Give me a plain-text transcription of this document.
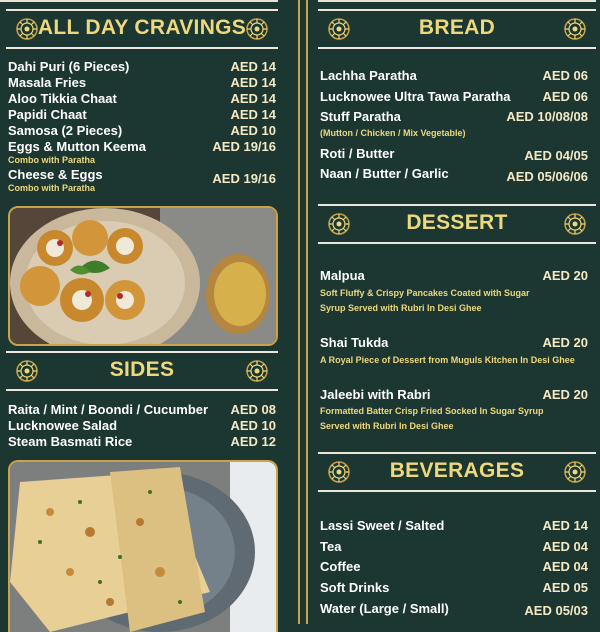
ALL DAY CRAVINGS
Dahi Puri (6 Pieces)	AED 14
Masala Fries	AED 14
Aloo Tikkia Chaat	AED 14
Papidi Chaat	AED 14
Samosa (2 Pieces)	AED 10
Eggs & Mutton Keema	AED 19/16
Combo with Paratha
Cheese & Eggs	AED 19/16
Combo with Paratha
SIDES
Raita / Mint / Boondi / Cucumber AED 08
Lucknowee Salad	AED 10
Steam Basmati Rice	AED 12
BREAD
Lachha Paratha	AED 06
Lucknowee Ultra Tawa Paratha AED 06
Stuff Paratha	AED 10/08/08
(Mutton / Chicken / Mix Vegetable)
Roti / Butter	AED 04/05
Naan / Butter / Garlic	AED 05/06/06
DESSERT
Malpua	AED 20
Soft Fluffy & Crispy Pancakes Coated with Sugar
Syrup Served with Rubri In Desi Ghee
Shai Tukda	AED 20
A Royal Piece of Dessert from Muguls Kitchen In Desi Ghee
Jaleebi with Rabri	AED 20
Formatted Batter Crisp Fried Socked In Sugar Syrup
Served with Rubri In Desi Ghee
BEVERAGES
Lassi Sweet / Salted	AED 14
Tea	AED 04
Coffee	AED 04
Soft Drinks	AED 05
Water (Large / Small)	AED 05/03
